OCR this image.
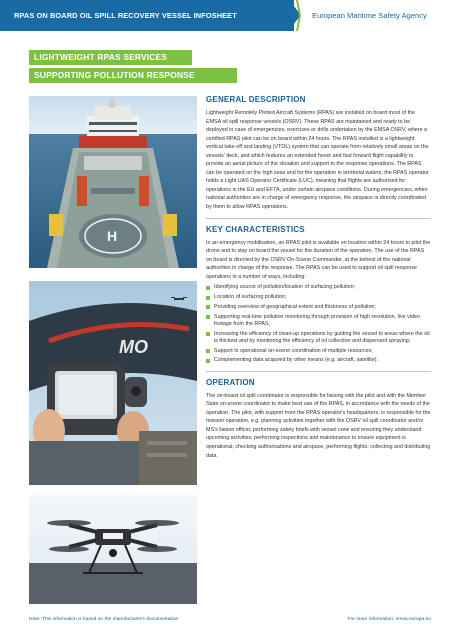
RPAS ON BOARD OIL SPILL RECOVERY VESSEL INFOSHEET	European Maritime Safety Agency
LIGHTWEIGHT RPAS SERVICES
SUPPORTING POLLUTION RESPONSE
H
MO
GENERAL DESCRIPTION
Lightweight Remotely Piloted Aircraft Systems (RPAS) are installed on board most of the EMSA oil spill response vessels (OSRV). These RPAS are maintained and ready to be deployed in case of emergencies, exercises or drills undertaken by the EMSA OSRV, where a certified RPAS pilot can be on board within 24 hours. The RPAS installed is a lightweight vertical take-off and landing (VTOL) system that can operate from relatively small areas on the vessels' deck, and which features an extended hover and fast forward flight capability to provide an aerial picture of the situation and support to the response operations. The RPAS can be operated on the high seas and for the operation in territorial waters, the RPAS operator holds a Light UAS Operator Certificate (LUC), meaning that flights are authorised for operations in the EU and EFTA, under certain airspace conditions. During emergencies, when national authorities are in charge of emergency response, the airspace is directly coordinated by them to allow RPAS operations.
KEY CHARACTERISTICS
In an emergency mobilisation, an RPAS pilot is available on location within 24 hours to pilot the drone and to stay on board the vessel for the duration of the operation. The use of the RPAS on board is directed by the OSRV On-Scene Commander, at the behest of the national authorities in charge of the response. The RPAS can be used to support oil spill response operations in a number of ways, including:
Identifying source of pollution/location of surfacing pollution;
Location of surfacing pollution;
Providing overview of geographical extent and thickness of pollution;
Supporting real-time pollution monitoring through provision of high resolution, live video footage from the RPAS;
Increasing the efficiency of clean-up operations by guiding the vessel to areas where the oil is thickest and by monitoring the efficiency of oil collection and dispersant spraying;
Support to operational on-scene coordination of multiple resources;
Complementing data acquired by other means (e.g. aircraft, satellite).
OPERATION
The on-board oil spill coordinator is responsible for liaising with the pilot and with the Member State on-scene coordinator to make best use of the RPAS, in accordance with the needs of the operation. The pilot, with support from the RPAS operator's headquarters, is responsible for the mission operation, e.g. planning activities together with the OSRV oil spill coordinator and/or MS's liaison officer, performing safety briefs with vessel crew and ensuring they understand upcoming activities, performing inspections and maintenance to ensure equipment is operational, checking authorisations and airspace, performing flights, collecting and distributing data.
Note: This information is based on the manufacturer's documentation	For more information: emsa.europa.eu
